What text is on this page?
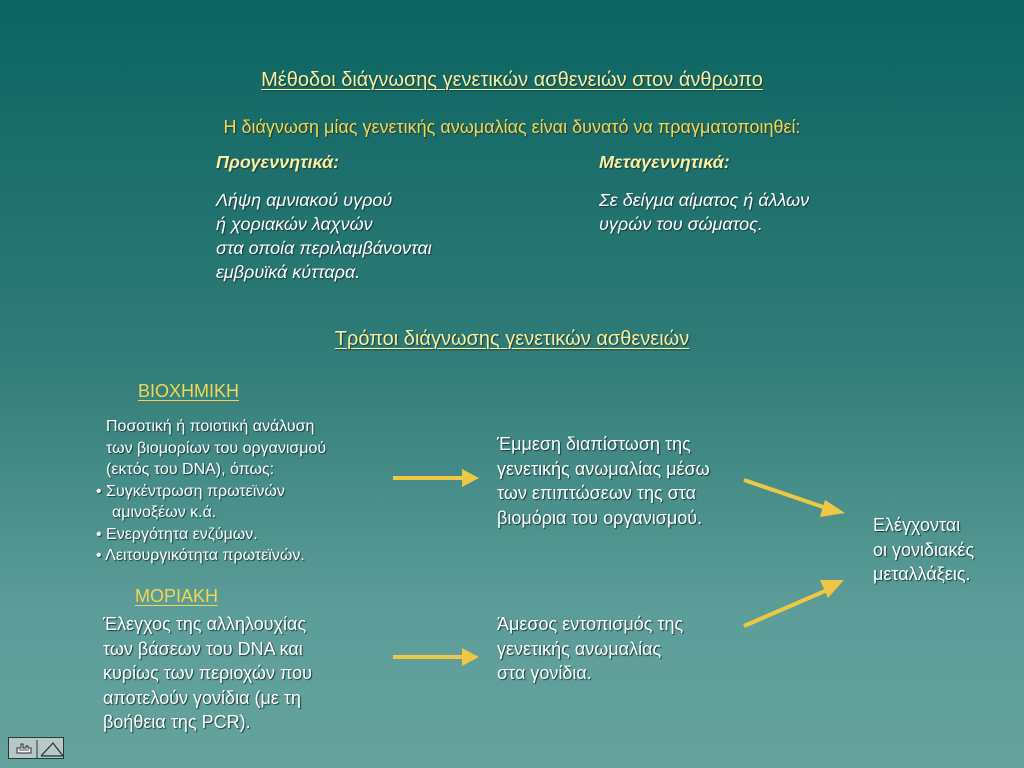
Μέθοδοι διάγνωσης γενετικών ασθενειών στον άνθρωπο
Η διάγνωση μίας γενετικής ανωμαλίας είναι δυνατό να πραγματοποιηθεί:
Προγεννητικά:
Λήψη αμνιακού υγρού
ή χοριακών λαχνών
στα οποία περιλαμβάνονται
εμβρυϊκά κύτταρα.
Μεταγεννητικά:
Σε δείγμα αίματος ή άλλων
υγρών του σώματος.
Τρόποι διάγνωσης γενετικών ασθενειών
ΒΙΟΧΗΜΙΚΗ
Ποσοτική ή ποιοτική ανάλυση
των βιομορίων του οργανισμού
(εκτός του DNA), όπως:
• Συγκέντρωση πρωτεϊνών
αμινοξέων κ.ά.
• Ενεργότητα ενζύμων.
• Λειτουργικότητα πρωτεϊνών.
Έμμεση διαπίστωση της
γενετικής ανωμαλίας μέσω
των επιπτώσεων της στα
βιομόρια του οργανισμού.
ΜΟΡΙΑΚΗ
Έλεγχος της αλληλουχίας
των βάσεων του DNA και
κυρίως των περιοχών που
αποτελούν γονίδια (με τη
βοήθεια της PCR).
Άμεσος εντοπισμός της
γενετικής ανωμαλίας
στα γονίδια.
Ελέγχονται
οι γονιδιακές
μεταλλάξεις.
